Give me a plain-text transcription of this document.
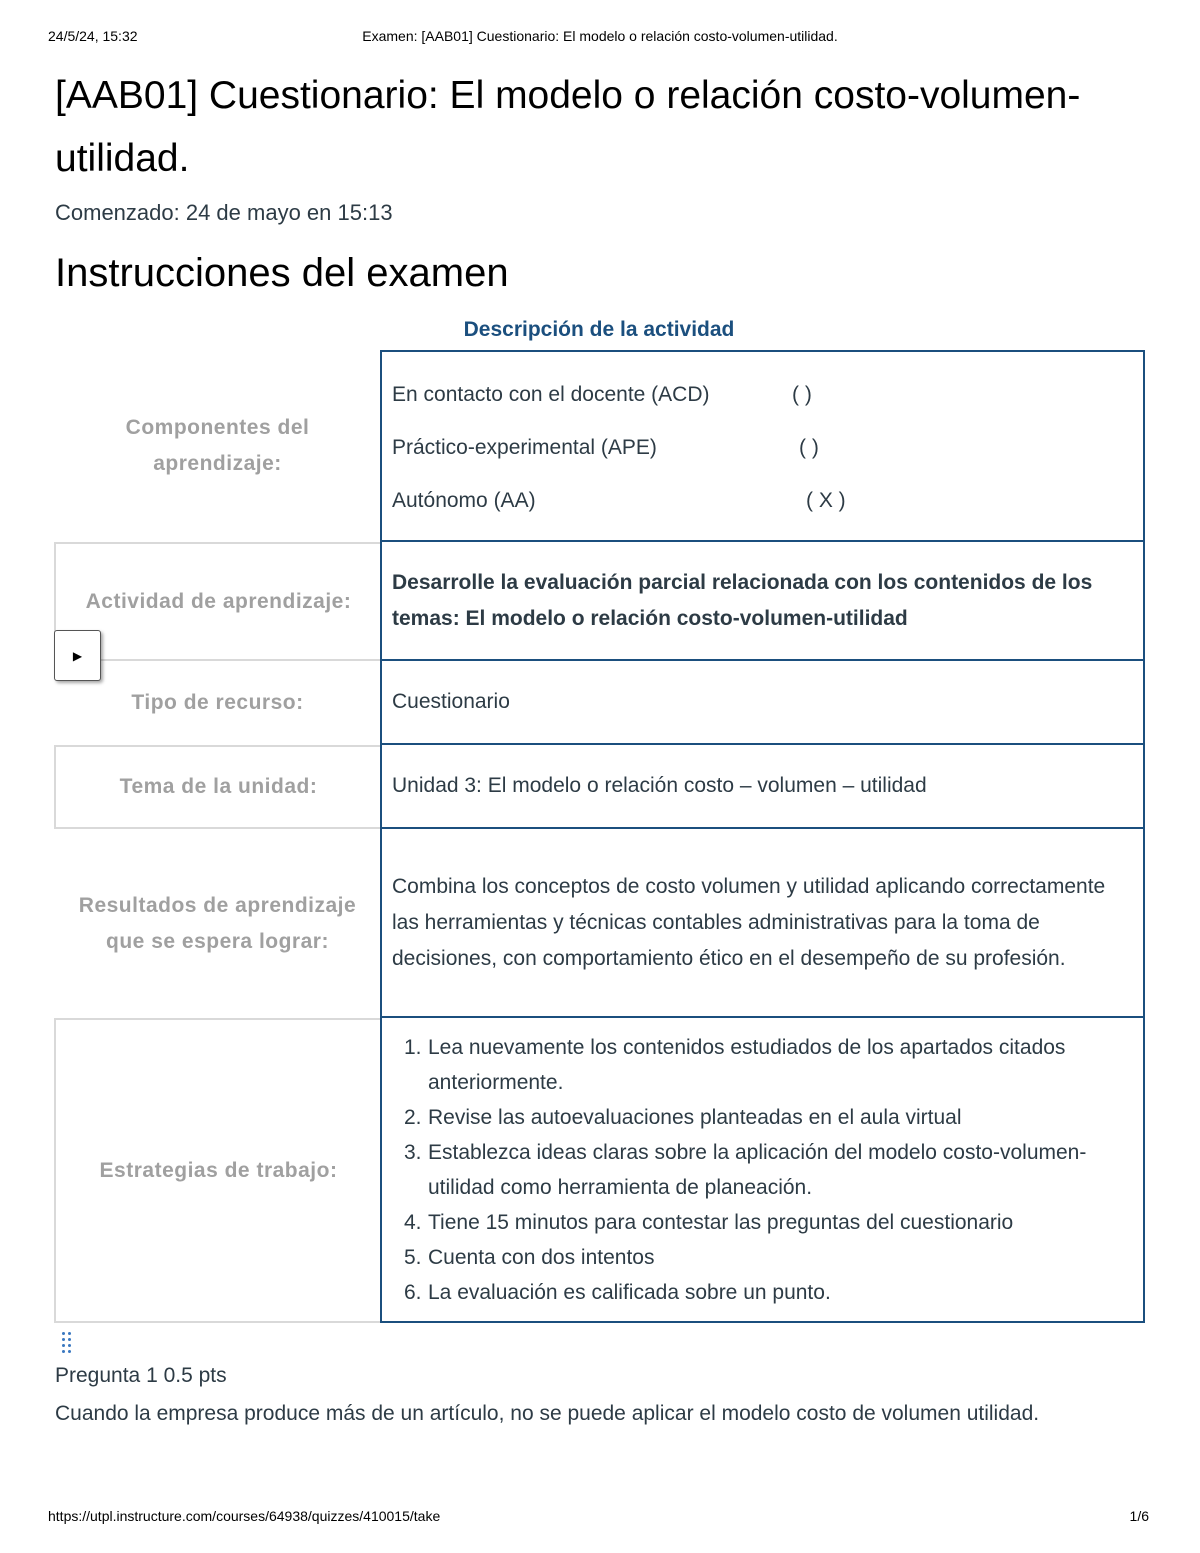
24/5/24, 15:32	Examen: [AAB01] Cuestionario: El modelo o relación costo-volumen-utilidad.
[AAB01] Cuestionario: El modelo o relación costo-volumen-utilidad.
Comenzado: 24 de mayo en 15:13
Instrucciones del examen
Descripción de la actividad
Componentes del aprendizaje:
En contacto con el docente (ACD)	( )
Práctico-experimental (APE)	( )
Autónomo (AA)	( X )
Actividad de aprendizaje:
Desarrolle la evaluación parcial relacionada con los contenidos de los temas: El modelo o relación costo-volumen-utilidad
Tipo de recurso:	Cuestionario
Tema de la unidad:	Unidad 3: El modelo o relación costo – volumen – utilidad
Resultados de aprendizaje que se espera lograr:
Combina los conceptos de costo volumen y utilidad aplicando correctamente las herramientas y técnicas contables administrativas para la toma de decisiones, con comportamiento ético en el desempeño de su profesión.
Estrategias de trabajo:
1. Lea nuevamente los contenidos estudiados de los apartados citados anteriormente.
2. Revise las autoevaluaciones planteadas en el aula virtual
3. Establezca ideas claras sobre la aplicación del modelo costo-volumen-utilidad como herramienta de planeación.
4. Tiene 15 minutos para contestar las preguntas del cuestionario
5. Cuenta con dos intentos
6. La evaluación es calificada sobre un punto.
▶
Pregunta 1 0.5 pts
Cuando la empresa produce más de un artículo, no se puede aplicar el modelo costo de volumen utilidad.
https://utpl.instructure.com/courses/64938/quizzes/410015/take	1/6
